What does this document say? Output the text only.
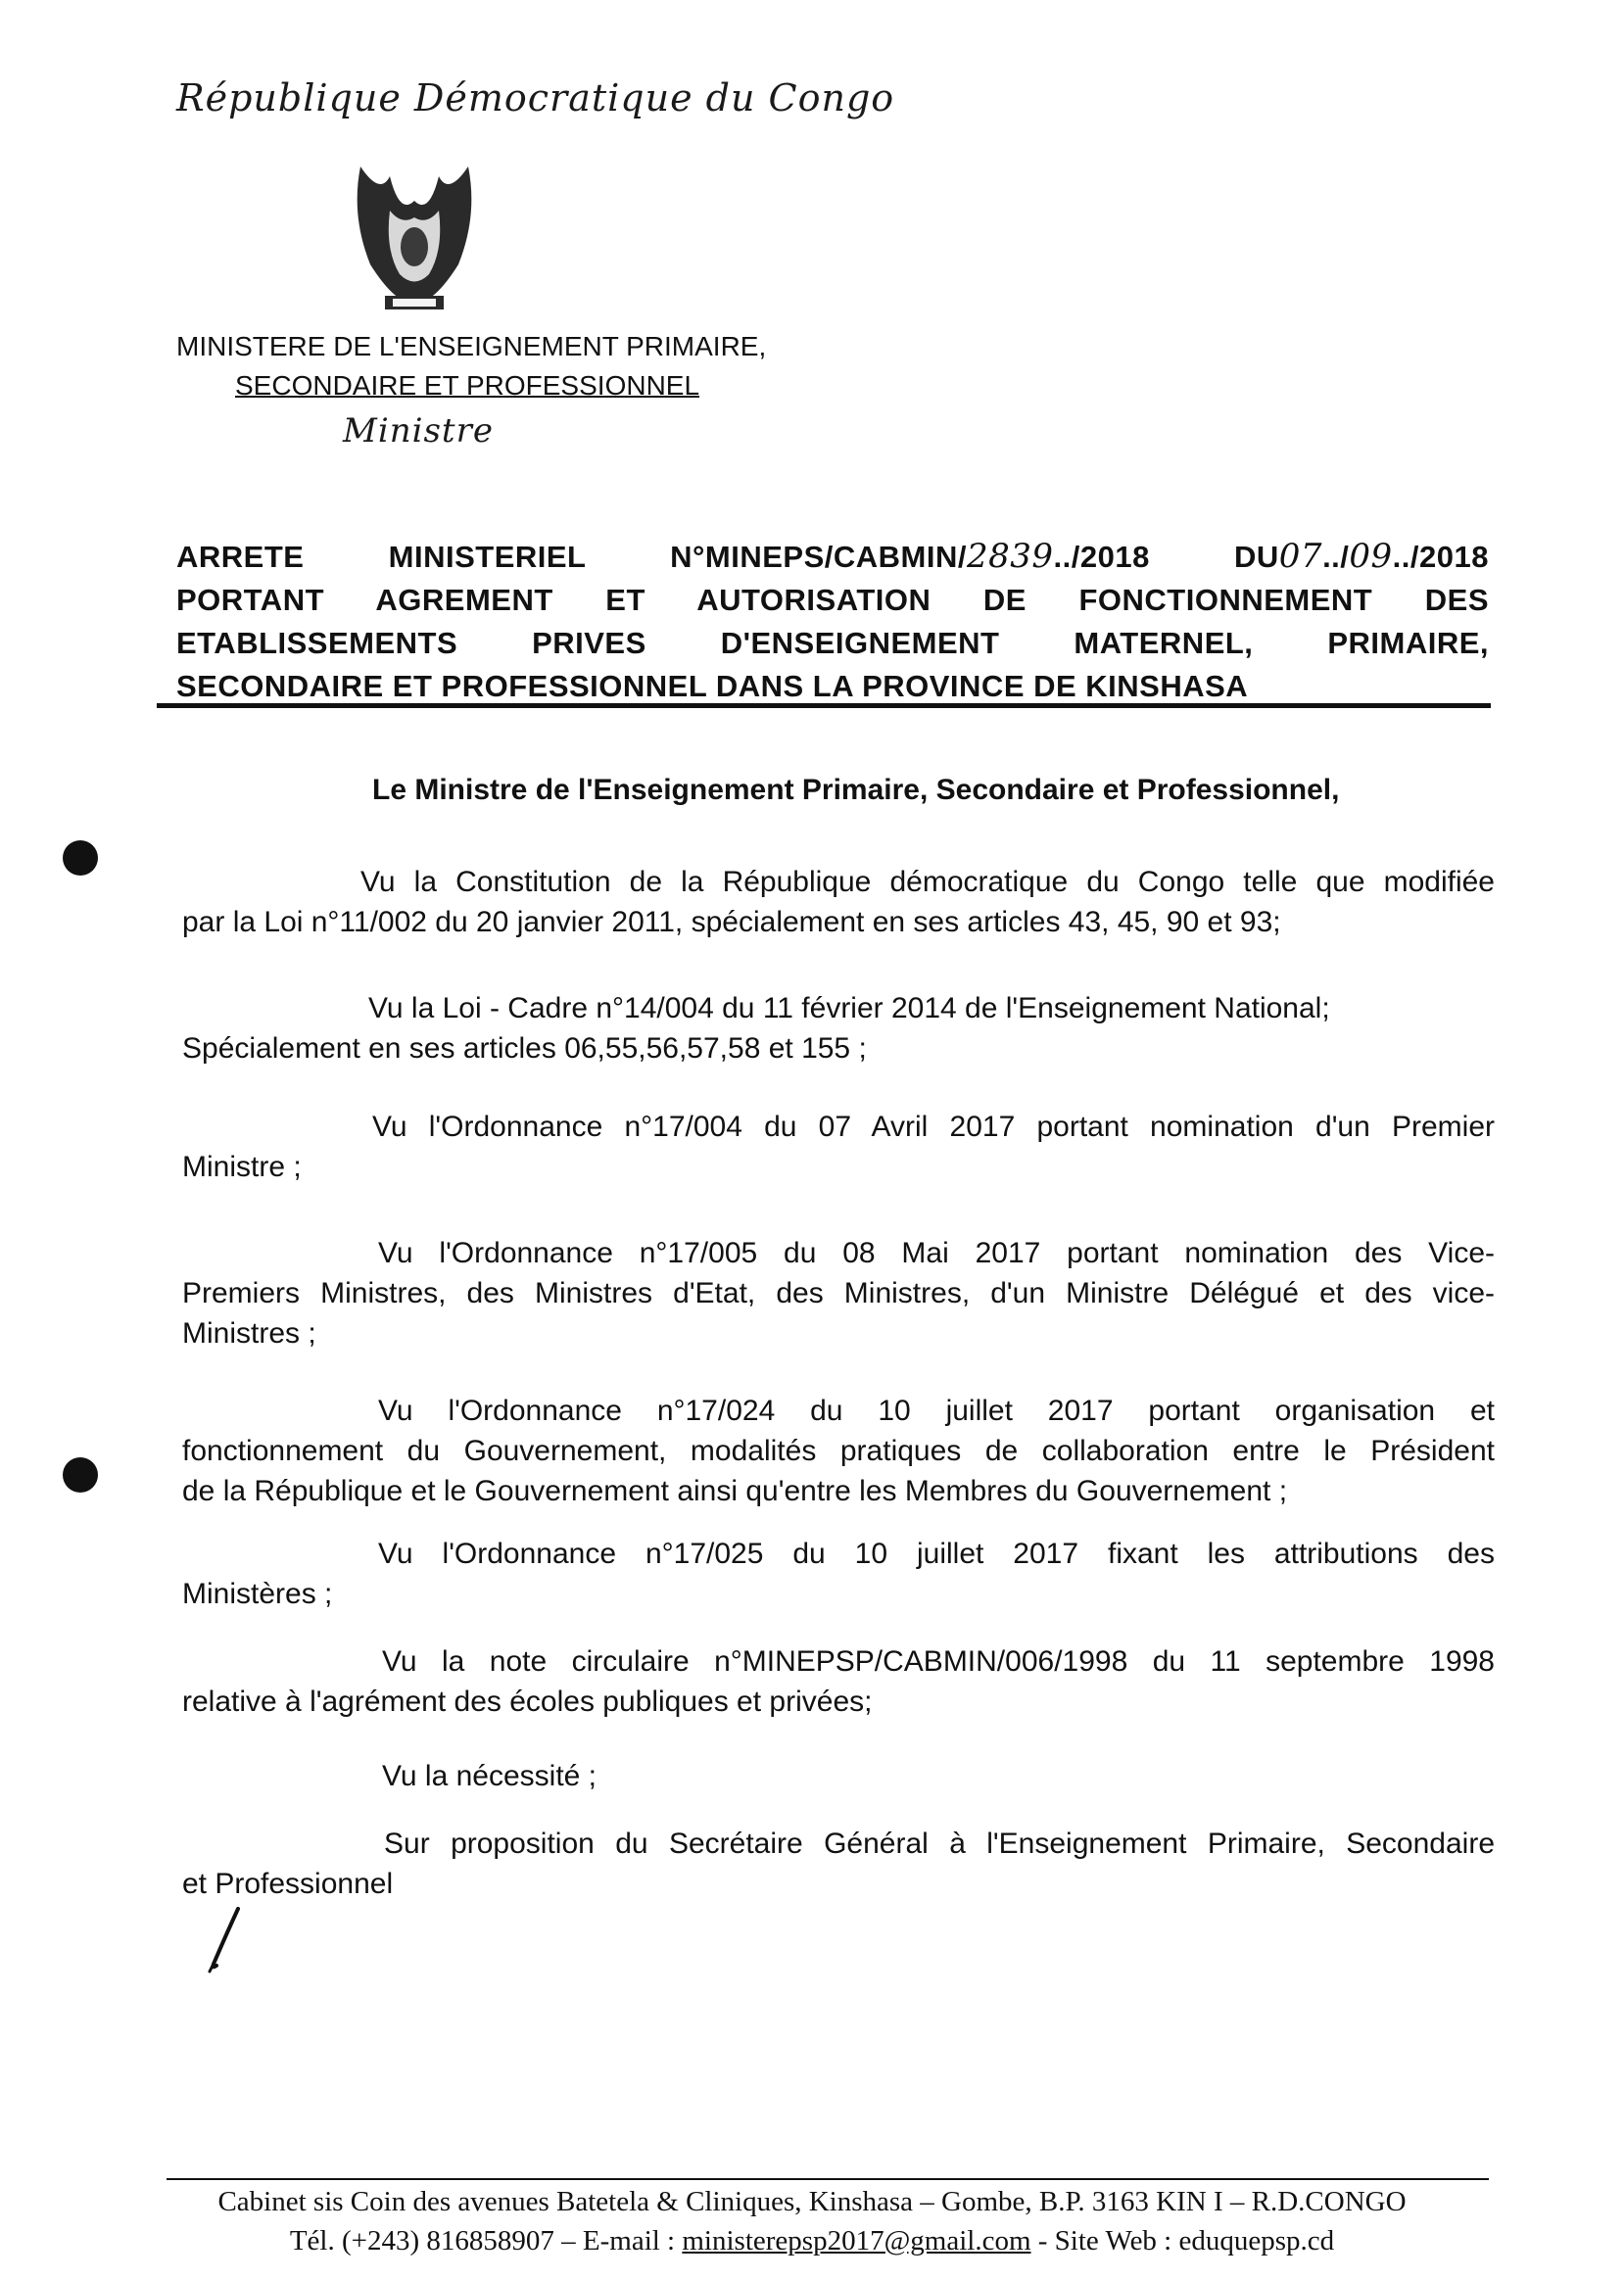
République Démocratique du Congo
MINISTERE DE L'ENSEIGNEMENT PRIMAIRE,
SECONDAIRE ET PROFESSIONNEL
Ministre
ARRETE MINISTERIEL N°MINEPS/CABMIN/2839../2018 DU07../09../2018
PORTANT AGREMENT ET AUTORISATION DE FONCTIONNEMENT DES
ETABLISSEMENTS PRIVES D'ENSEIGNEMENT MATERNEL, PRIMAIRE,
SECONDAIRE ET PROFESSIONNEL DANS LA PROVINCE DE KINSHASA
Le Ministre de l'Enseignement Primaire, Secondaire et Professionnel,
Vu la Constitution de la République démocratique du Congo telle que modifiée
par la Loi n°11/002 du 20 janvier 2011, spécialement en ses articles 43, 45, 90 et 93;
Vu la Loi - Cadre n°14/004 du 11 février 2014 de l'Enseignement National;
Spécialement en ses articles 06,55,56,57,58 et 155 ;
Vu l'Ordonnance n°17/004 du 07 Avril 2017 portant nomination d'un Premier
Ministre ;
Vu l'Ordonnance n°17/005 du 08 Mai 2017 portant nomination des Vice-
Premiers Ministres, des Ministres d'Etat, des Ministres, d'un Ministre Délégué et des vice-
Ministres ;
Vu l'Ordonnance n°17/024 du 10 juillet 2017 portant organisation et
fonctionnement du Gouvernement, modalités pratiques de collaboration entre le Président
de la République et le Gouvernement ainsi qu'entre les Membres du Gouvernement ;
Vu l'Ordonnance n°17/025 du 10 juillet 2017 fixant les attributions des
Ministères ;
Vu la note circulaire n°MINEPSP/CABMIN/006/1998 du 11 septembre 1998
relative à l'agrément des écoles publiques et privées;
Vu la nécessité ;
Sur proposition du Secrétaire Général à l'Enseignement Primaire, Secondaire
et Professionnel
Cabinet sis Coin des avenues Batetela & Cliniques, Kinshasa – Gombe, B.P. 3163 KIN I – R.D.CONGO
Tél. (+243) 816858907 – E-mail : ministerepsp2017@gmail.com - Site Web : eduquepsp.cd
